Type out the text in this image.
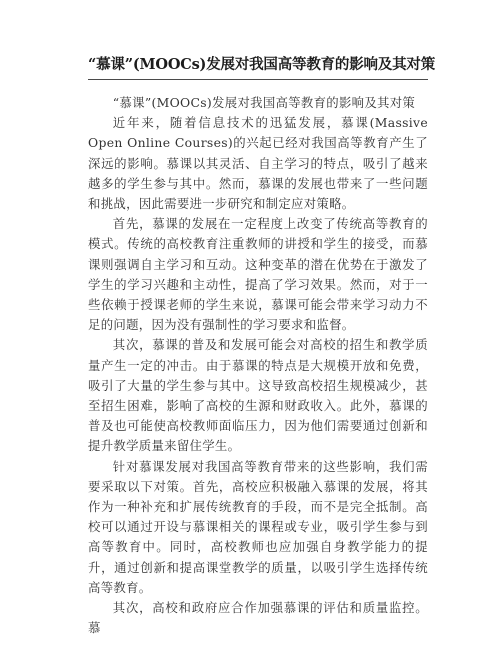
“慕课”(MOOCs)发展对我国高等教育的影响及其对策

“慕课”(MOOCs)发展对我国高等教育的影响及其对策

近年来，随着信息技术的迅猛发展，慕课(Massive Open Online Courses)的兴起已经对我国高等教育产生了深远的影响。慕课以其灵活、自主学习的特点，吸引了越来越多的学生参与其中。然而，慕课的发展也带来了一些问题和挑战，因此需要进一步研究和制定应对策略。

首先，慕课的发展在一定程度上改变了传统高等教育的模式。传统的高校教育注重教师的讲授和学生的接受，而慕课则强调自主学习和互动。这种变革的潜在优势在于激发了学生的学习兴趣和主动性，提高了学习效果。然而，对于一些依赖于授课老师的学生来说，慕课可能会带来学习动力不足的问题，因为没有强制性的学习要求和监督。

其次，慕课的普及和发展可能会对高校的招生和教学质量产生一定的冲击。由于慕课的特点是大规模开放和免费，吸引了大量的学生参与其中。这导致高校招生规模减少，甚至招生困难，影响了高校的生源和财政收入。此外，慕课的普及也可能使高校教师面临压力，因为他们需要通过创新和提升教学质量来留住学生。

针对慕课发展对我国高等教育带来的这些影响，我们需要采取以下对策。首先，高校应积极融入慕课的发展，将其作为一种补充和扩展传统教育的手段，而不是完全抵制。高校可以通过开设与慕课相关的课程或专业，吸引学生参与到高等教育中。同时，高校教师也应加强自身教学能力的提升，通过创新和提高课堂教学的质量，以吸引学生选择传统高等教育。

其次，高校和政府应合作加强慕课的评估和质量监控。慕
